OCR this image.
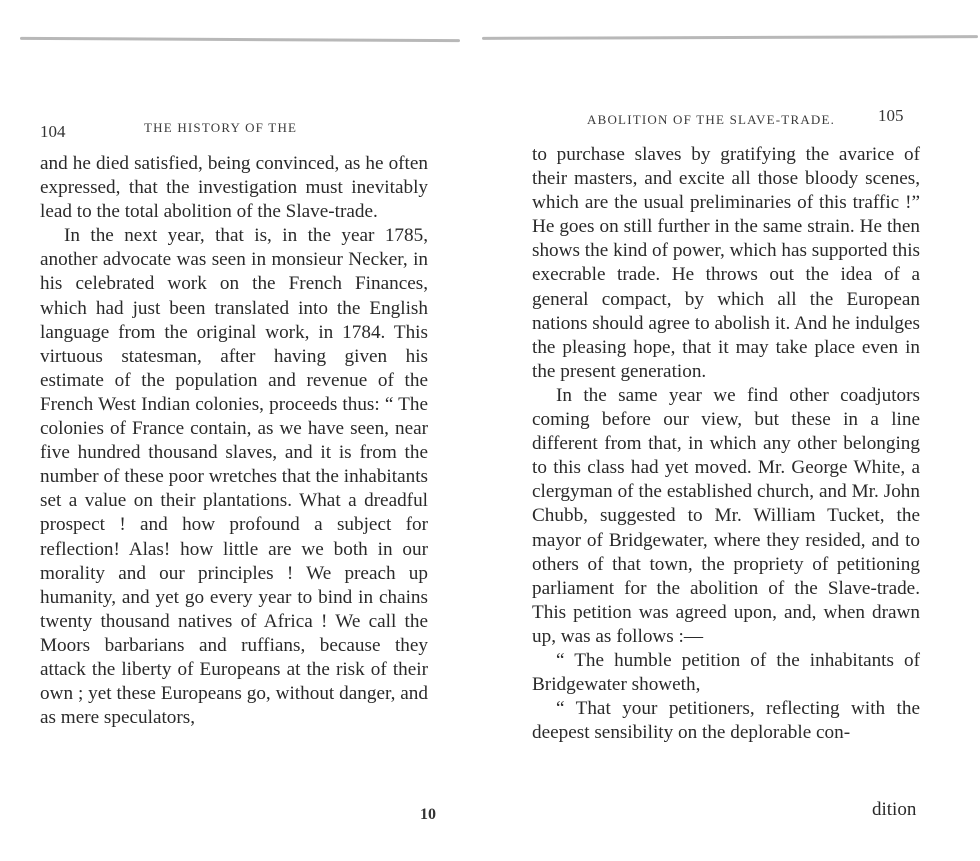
104	THE HISTORY OF THE

and he died satisfied, being convinced, as he often expressed, that the investigation must inevitably lead to the total abolition of the Slave-trade.

In the next year, that is, in the year 1785, another advocate was seen in monsieur Necker, in his celebrated work on the French Finances, which had just been translated into the English language from the original work, in 1784. This virtuous statesman, after having given his estimate of the population and revenue of the French West Indian colonies, proceeds thus: “ The colonies of France contain, as we have seen, near five hundred thousand slaves, and it is from the number of these poor wretches that the inhabitants set a value on their plantations. What a dreadful prospect ! and how profound a subject for reflection! Alas! how little are we both in our morality and our principles ! We preach up humanity, and yet go every year to bind in chains twenty thousand natives of Africa ! We call the Moors barbarians and ruffians, because they attack the liberty of Europeans at the risk of their own ; yet these Europeans go, without danger, and as mere speculators,

10
ABOLITION OF THE SLAVE-TRADE.	105

to purchase slaves by gratifying the avarice of their masters, and excite all those bloody scenes, which are the usual preliminaries of this traffic !” He goes on still further in the same strain. He then shows the kind of power, which has supported this execrable trade. He throws out the idea of a general compact, by which all the European nations should agree to abolish it. And he indulges the pleasing hope, that it may take place even in the present generation.

In the same year we find other coadjutors coming before our view, but these in a line different from that, in which any other belonging to this class had yet moved. Mr. George White, a clergyman of the established church, and Mr. John Chubb, suggested to Mr. William Tucket, the mayor of Bridgewater, where they resided, and to others of that town, the propriety of petitioning parliament for the abolition of the Slave-trade. This petition was agreed upon, and, when drawn up, was as follows :—

“ The humble petition of the inhabitants of Bridgewater showeth,

“ That your petitioners, reflecting with the deepest sensibility on the deplorable con-

dition
